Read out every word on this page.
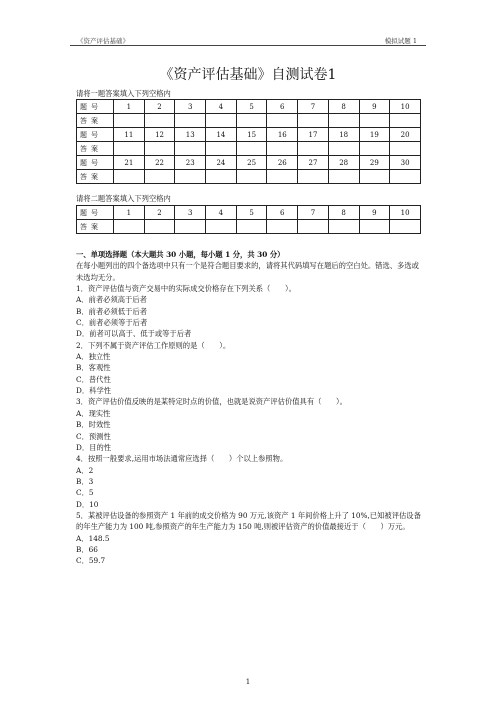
《资产评估基础》	模拟试题 1
《资产评估基础》自测试卷1
请将一题答案填入下列空格内
题号	1	2	3	4	5	6	7	8	9	10
答案										
题号	11	12	13	14	15	16	17	18	19	20
答案										
题号	21	22	23	24	25	26	27	28	29	30
答案										
请将二题答案填入下列空格内
题号	1	2	3	4	5	6	7	8	9	10
答案										

一、单项选择题（本大题共 30 小题，每小题 1 分，共 30 分）

在每小题列出的四个备选项中只有一个是符合题目要求的，请将其代码填写在题后的空白处。错选、多选或未选均无分。

1．资产评估值与资产交易中的实际成交价格存在下列关系（　　）。

A．前者必须高于后者

B．前者必须低于后者

C．前者必须等于后者

D．前者可以高于、低于或等于后者

2．下列不属于资产评估工作原则的是（　　）。

A．独立性

B．客观性

C．普代性

D．科学性

3．资产评估价值反映的是某特定时点的价值，也就是说资产评估价值具有（　　）。

A．现实性

B．时效性

C．预测性

D．目的性

4．按照一般要求,运用市场法通常应选择（　　）个以上参照物。

A．2

B．3

C．5

D．10

5．某被评估设备的参照资产 1 年前的成交价格为 90 万元,该资产 1 年间价格上升了 10%,已知被评估设备的年生产能力为 100 吨,参照资产的年生产能力为 150 吨,则被评估资产的价值最接近于（　　）万元。

A．148.5

B．66

C．59.7

1
